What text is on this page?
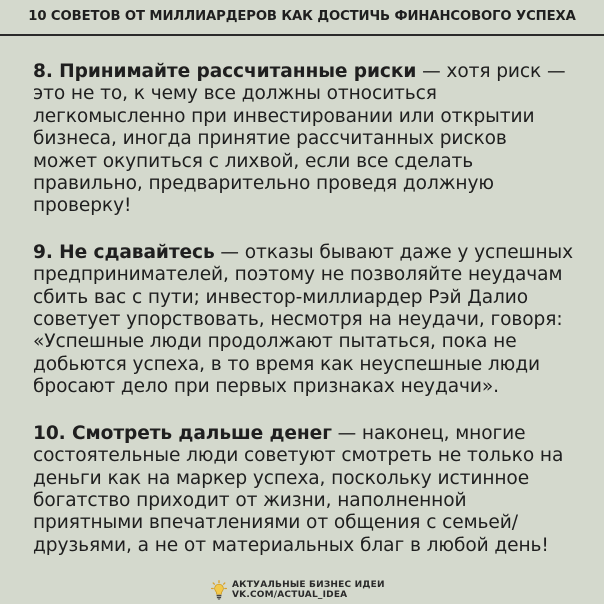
10 СОВЕТОВ ОТ МИЛЛИАРДЕРОВ КАК ДОСТИЧЬ ФИНАНСОВОГО УСПЕХА

8. Принимайте рассчитанные риски — хотя риск — это не то, к чему все должны относиться легкомысленно при инвестировании или открытии бизнеса, иногда принятие рассчитанных рисков может окупиться с лихвой, если все сделать правильно, предварительно проведя должную проверку!

9. Не сдавайтесь — отказы бывают даже у успешных предпринимателей, поэтому не позволяйте неудачам сбить вас с пути; инвестор-миллиардер Рэй Далио советует упорствовать, несмотря на неудачи, говоря: «Успешные люди продолжают пытаться, пока не добьются успеха, в то время как неуспешные люди бросают дело при первых признаках неудачи».

10. Смотреть дальше денег — наконец, многие состоятельные люди советуют смотреть не только на деньги как на маркер успеха, поскольку истинное богатство приходит от жизни, наполненной приятными впечатлениями от общения с семьей/друзьями, а не от материальных благ в любой день!

АКТУАЛЬНЫЕ БИЗНЕС ИДЕИ
VK.COM/ACTUAL_IDEA
